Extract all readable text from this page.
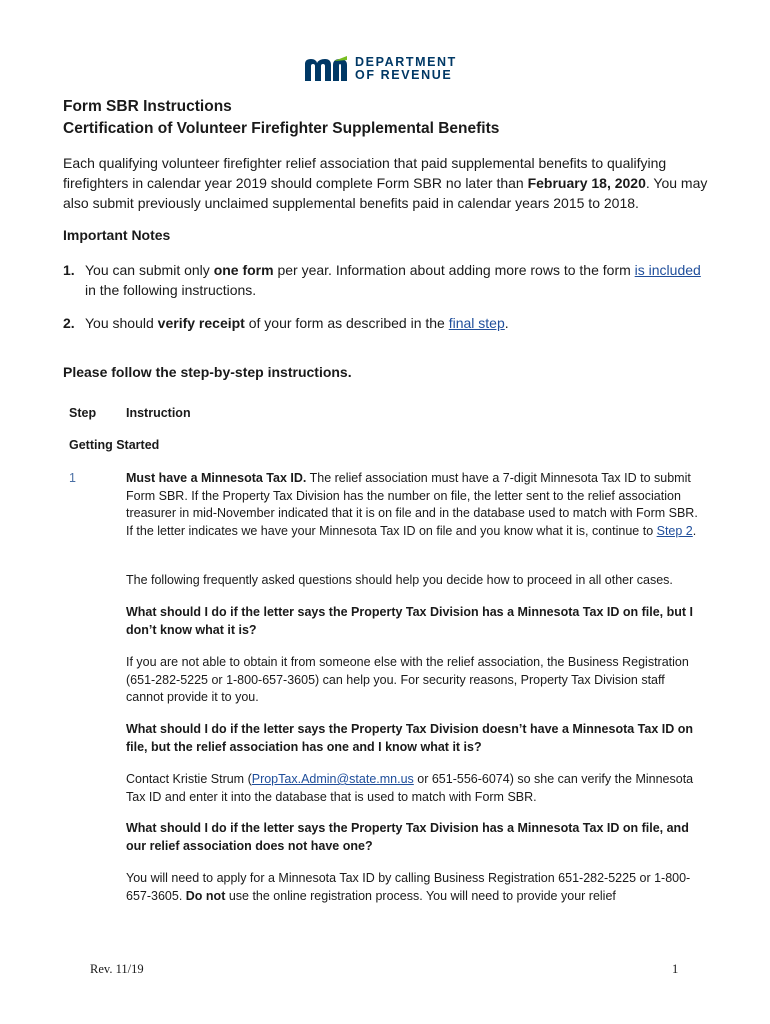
DEPARTMENT
OF REVENUE
Form SBR Instructions
Certification of Volunteer Firefighter Supplemental Benefits
Each qualifying volunteer firefighter relief association that paid supplemental benefits to qualifying firefighters in calendar year 2019 should complete Form SBR no later than February 18, 2020. You may also submit previously unclaimed supplemental benefits paid in calendar years 2015 to 2018.
Important Notes
1. You can submit only one form per year. Information about adding more rows to the form is included in the following instructions.
2. You should verify receipt of your form as described in the final step.
Please follow the step-by-step instructions.
Step Instruction
Getting Started
1	Must have a Minnesota Tax ID. The relief association must have a 7-digit Minnesota Tax ID to submit Form SBR. If the Property Tax Division has the number on file, the letter sent to the relief association treasurer in mid-November indicated that it is on file and in the database used to match with Form SBR. If the letter indicates we have your Minnesota Tax ID on file and you know what it is, continue to Step 2.
The following frequently asked questions should help you decide how to proceed in all other cases.
What should I do if the letter says the Property Tax Division has a Minnesota Tax ID on file, but I don’t know what it is?
If you are not able to obtain it from someone else with the relief association, the Business Registration (651-282-5225 or 1-800-657-3605) can help you. For security reasons, Property Tax Division staff cannot provide it to you.
What should I do if the letter says the Property Tax Division doesn’t have a Minnesota Tax ID on file, but the relief association has one and I know what it is?
Contact Kristie Strum (PropTax.Admin@state.mn.us or 651-556-6074) so she can verify the Minnesota Tax ID and enter it into the database that is used to match with Form SBR.
What should I do if the letter says the Property Tax Division has a Minnesota Tax ID on file, and our relief association does not have one?
You will need to apply for a Minnesota Tax ID by calling Business Registration 651-282-5225 or 1-800-657-3605. Do not use the online registration process. You will need to provide your relief
Rev. 11/19	1
